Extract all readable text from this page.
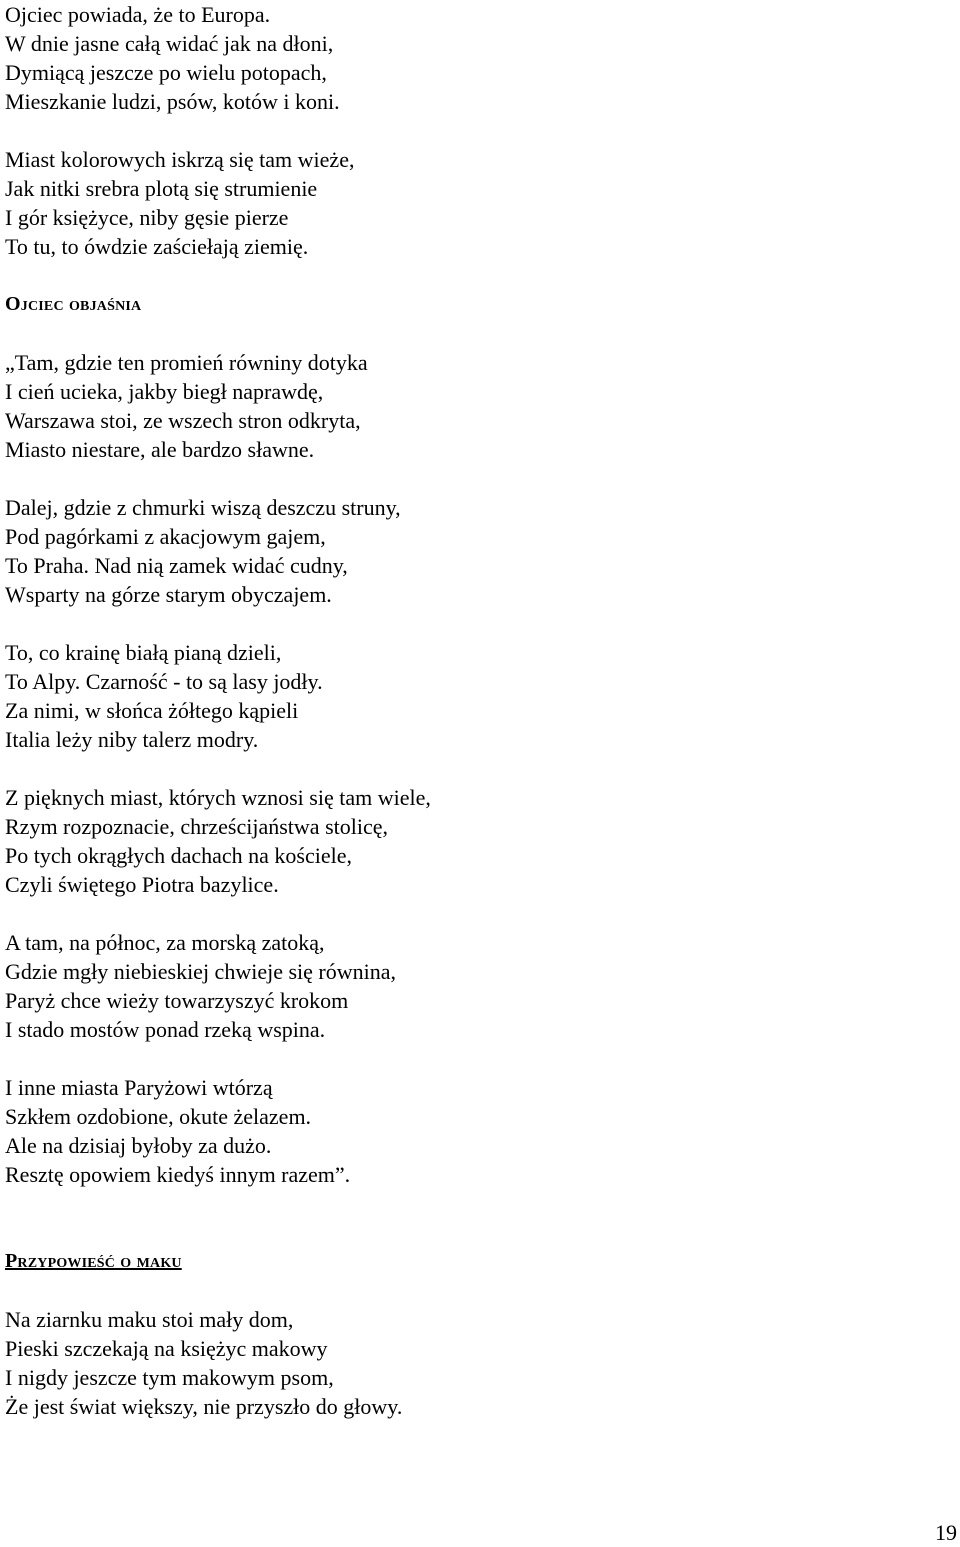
Ojciec powiada, że to Europa.
W dnie jasne całą widać jak na dłoni,
Dymiącą jeszcze po wielu potopach,
Mieszkanie ludzi, psów, kotów i koni.
Miast kolorowych iskrzą się tam wieże,
Jak nitki srebra plotą się strumienie
I gór księżyce, niby gęsie pierze
To tu, to ówdzie zaściełają ziemię.
Ojciec objaśnia
„Tam, gdzie ten promień równiny dotyka
I cień ucieka, jakby biegł naprawdę,
Warszawa stoi, ze wszech stron odkryta,
Miasto niestare, ale bardzo sławne.
Dalej, gdzie z chmurki wiszą deszczu struny,
Pod pagórkami z akacjowym gajem,
To Praha. Nad nią zamek widać cudny,
Wsparty na górze starym obyczajem.
To, co krainę białą pianą dzieli,
To Alpy. Czarność - to są lasy jodły.
Za nimi, w słońca żółtego kąpieli
Italia leży niby talerz modry.
Z pięknych miast, których wznosi się tam wiele,
Rzym rozpoznacie, chrześcijaństwa stolicę,
Po tych okrągłych dachach na kościele,
Czyli świętego Piotra bazylice.
A tam, na północ, za morską zatoką,
Gdzie mgły niebieskiej chwieje się równina,
Paryż chce wieży towarzyszyć krokom
I stado mostów ponad rzeką wspina.
I inne miasta Paryżowi wtórzą
Szkłem ozdobione, okute żelazem.
Ale na dzisiaj byłoby za dużo.
Resztę opowiem kiedyś innym razem”.
Przypowieść o maku
Na ziarnku maku stoi mały dom,
Pieski szczekają na księżyc makowy
I nigdy jeszcze tym makowym psom,
Że jest świat większy, nie przyszło do głowy.
19
